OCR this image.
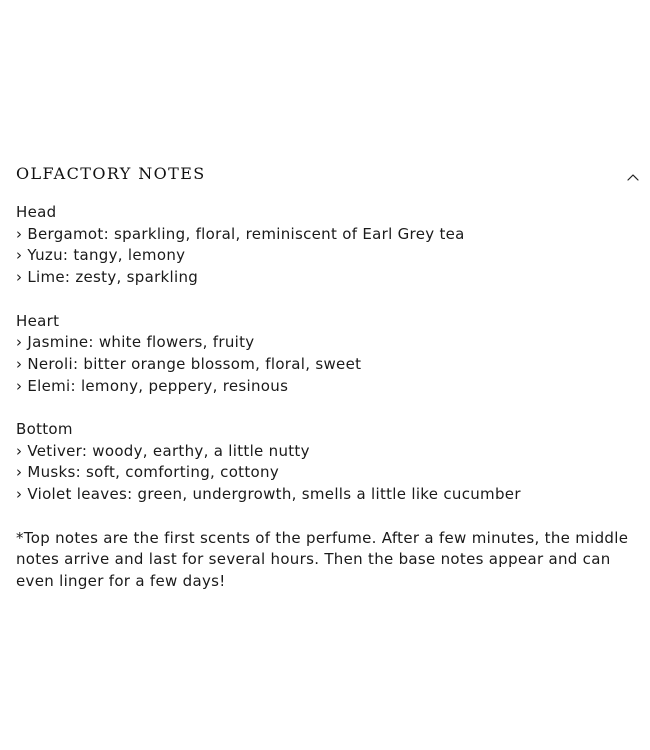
OLFACTORY NOTES
Head
› Bergamot: sparkling, floral, reminiscent of Earl Grey tea
› Yuzu: tangy, lemony
› Lime: zesty, sparkling
Heart
› Jasmine: white flowers, fruity
› Neroli: bitter orange blossom, floral, sweet
› Elemi: lemony, peppery, resinous
Bottom
› Vetiver: woody, earthy, a little nutty
› Musks: soft, comforting, cottony
› Violet leaves: green, undergrowth, smells a little like cucumber

*Top notes are the first scents of the perfume. After a few minutes, the middle notes arrive and last for several hours. Then the base notes appear and can even linger for a few days!
